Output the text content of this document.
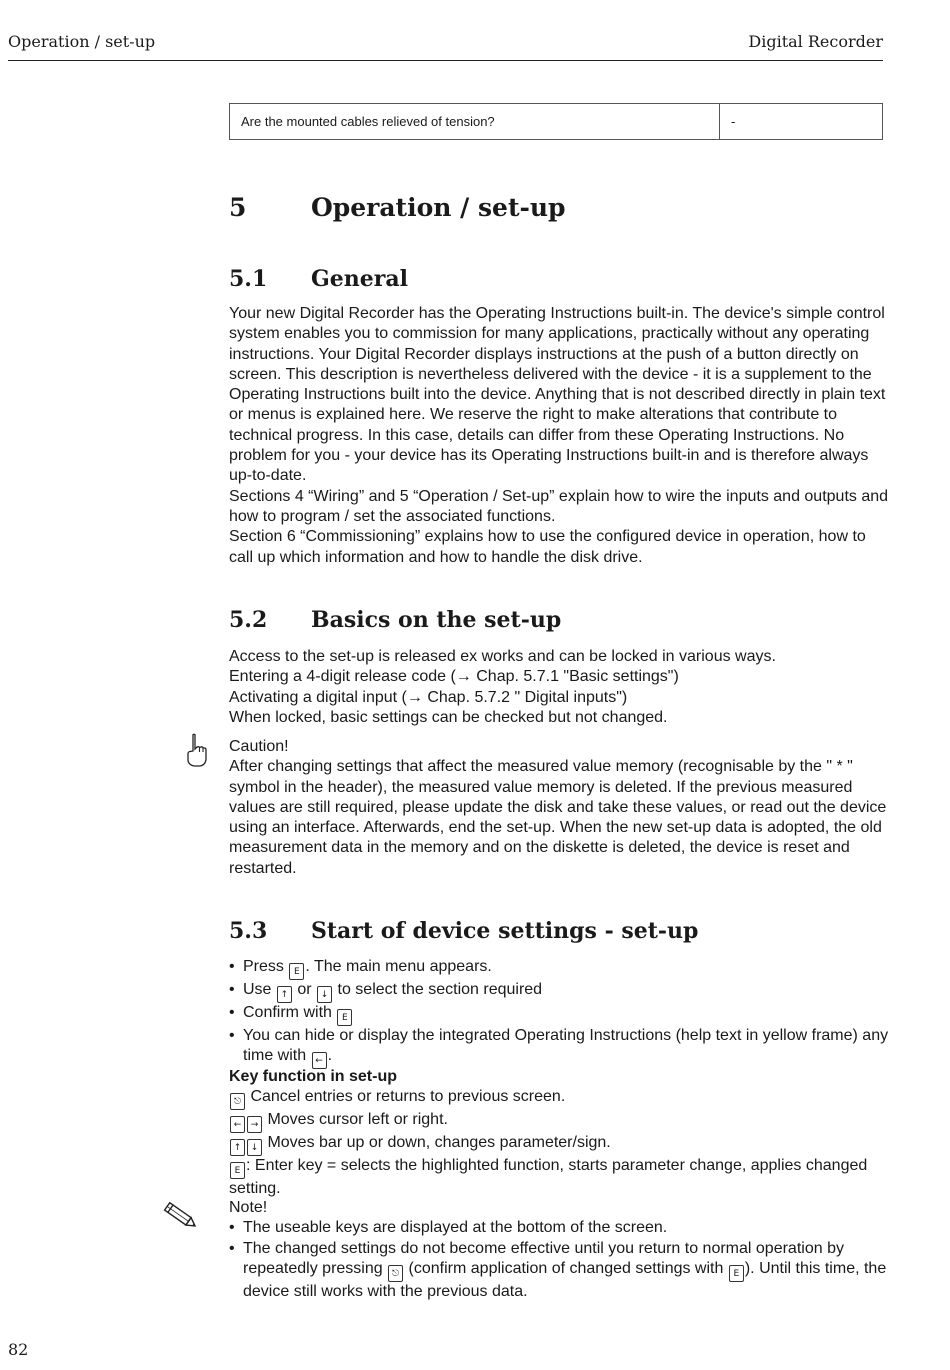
Operation / set-up	Digital Recorder
Are the mounted cables relieved of tension?	-
5	Operation / set-up
5.1 General

Your new Digital Recorder has the Operating Instructions built-in. The device's simple control system enables you to commission for many applications, practically without any operating instructions. Your Digital Recorder displays instructions at the push of a button directly on screen. This description is nevertheless delivered with the device - it is a supplement to the Operating Instructions built into the device. Anything that is not described directly in plain text or menus is explained here. We reserve the right to make alterations that contribute to technical progress. In this case, details can differ from these Operating Instructions. No problem for you - your device has its Operating Instructions built-in and is therefore always up-to-date.

Sections 4 “Wiring” and 5 “Operation / Set-up” explain how to wire the inputs and outputs and how to program / set the associated functions.

Section 6 “Commissioning” explains how to use the configured device in operation, how to call up which information and how to handle the disk drive.

5.2 Basics on the set-up

Access to the set-up is released ex works and can be locked in various ways.

Entering a 4-digit release code (→ Chap. 5.7.1 "Basic settings")

Activating a digital input (→ Chap. 5.7.2 " Digital inputs")

When locked, basic settings can be checked but not changed.

Caution!

After changing settings that affect the measured value memory (recognisable by the " * " symbol in the header), the measured value memory is deleted. If the previous measured values are still required, please update the disk and take these values, or read out the device using an interface. Afterwards, end the set-up. When the new set-up data is adopted, the old measurement data in the memory and on the diskette is deleted, the device is reset and restarted.

5.3 Start of device settings - set-up
• Press E . The main menu appears.
• Use ↑ or ↓ to select the section required
• Confirm with E
• You can hide or display the integrated Operating Instructions (help text in yellow frame) any time with ← .

Key function in set-up

⎋ Cancel entries or returns to previous screen.

← → Moves cursor left or right.

↑ ↓ Moves bar up or down, changes parameter/sign.

E : Enter key = selects the highlighted function, starts parameter change, applies changed setting.

Note!

• The useable keys are displayed at the bottom of the screen.
• The changed settings do not become effective until you return to normal operation by repeatedly pressing ⎋ (confirm application of changed settings with E ). Until this time, the device still works with the previous data.
82
